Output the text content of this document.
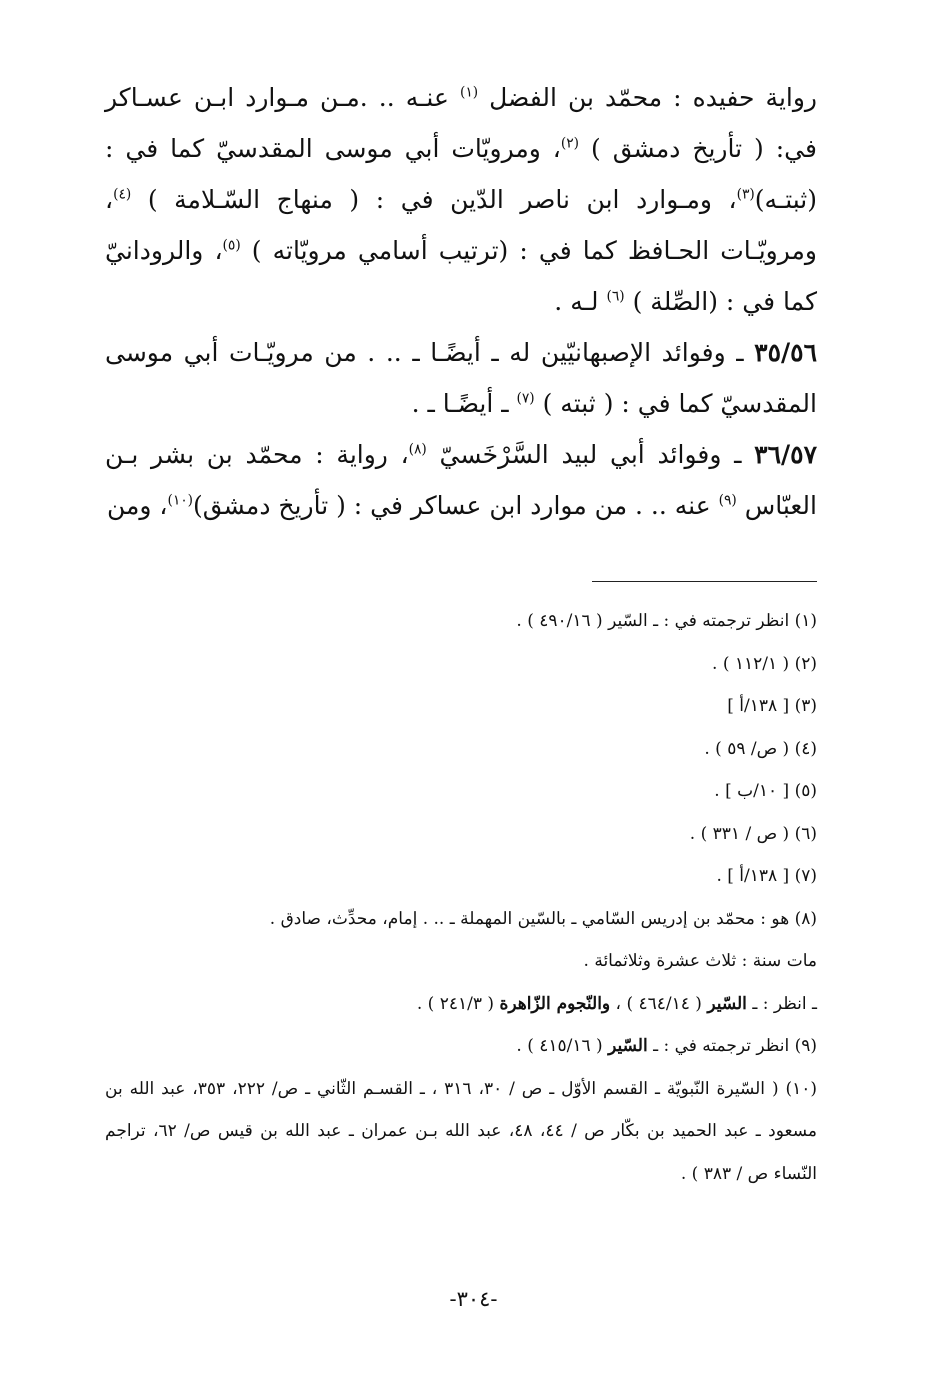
رواية حفيده : محمّد بن الفضل $^{(١)}$ عنـه .. .مـن مـوارد ابـن عسـاكر في: ( تأريخ دمشق ) $^{(٢)}$، ومرويّات أبي موسى المقدسيّ كما في : (ثبتـه)$^{(٣)}$، ومـوارد ابن ناصر الدّين في : ( منهاج السّـلامة ) $^{(٤)}$، ومرويّـات الحـافظ كما في : (ترتيب أسامي مرويّاته ) $^{(٥)}$، والرودانيّ كما في : (الصِّلة ) $^{(٦)}$ لـه .

٣٥/٥٦ ـ وفوائد الإصبهانيّين له ـ أيضًـا ـ .. . من مرويّـات أبي موسى المقدسيّ كما في : ( ثبته ) $^{(٧)}$ ـ أيضًـا ـ .

٣٦/٥٧ ـ وفوائد أبي لبيد السَّرْخَسيّ $^{(٨)}$، رواية : محمّد بن بشر بـن العبّاس $^{(٩)}$ عنه .. . من موارد ابن عساكر في : ( تأريخ دمشق)$^{(١٠)}$، ومن

(١) انظر ترجمته في : ـ السّير ( ٤٩٠/١٦ ) .

(٢) ( ١١٢/١ ) .

(٣) [ ١٣٨/أ ]

(٤) ( ص/ ٥٩ ) .

(٥) [ ١٠/ب ] .

(٦) ( ص / ٣٣١ ) .

(٧) [ ١٣٨/أ ] .

(٨) هو : محمّد بن إدريس السّامي ـ بالسّين المهملة ـ .. . إمام، محدِّث، صادق .

مات سنة : ثلاث عشرة وثلاثمائة .

ـ انظر : ـ السّير ( ٤٦٤/١٤ ) ، والنّجوم الزّاهرة ( ٢٤١/٣ ) .

(٩) انظر ترجمته في : ـ السّير ( ٤١٥/١٦ ) .

(١٠) ( السّيرة النّبويّة ـ القسم الأوّل ـ ص / ٣٠، ٣١٦ ، ـ القسـم الثّاني ـ ص/ ٢٢٢، ٣٥٣، عبد الله بن مسعود ـ عبد الحميد بن بكّار ص / ٤٤، ٤٨، عبد الله بـن عمران ـ عبد الله بن قيس ص/ ٦٢، تراجم النّساء ص / ٣٨٣ ) .

-٣٠٤-
